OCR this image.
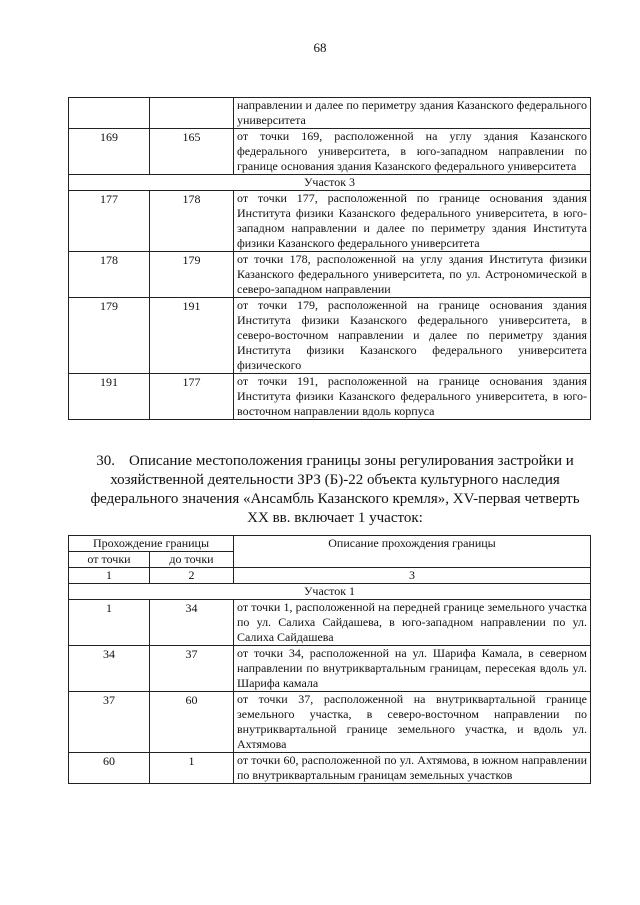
68
		направлении и далее по периметру здания Казанского федерального университета
169	165	от точки 169, расположенной на углу здания Казанского федерального университета, в юго-западном направлении по границе основания здания Казанского федерального университета
Участок 3		
177	178	от точки 177, расположенной по границе основания здания Института физики Казанского федерального университета, в юго-западном направлении и далее по периметру здания Института физики Казанского федерального университета
178	179	от точки 178, расположенной на углу здания Института физики Казанского федерального университета, по ул. Астрономической в северо-западном направлении
179	191	от точки 179, расположенной на границе основания здания Института физики Казанского федерального университета, в северо-восточном направлении и далее по периметру здания Института физики Казанского федерального университета физического
191	177	от точки 191, расположенной на границе основания здания Института физики Казанского федерального университета, в юго-восточном направлении вдоль корпуса
30. Описание местоположения границы зоны регулирования застройки и хозяйственной деятельности ЗРЗ (Б)-22 объекта культурного наследия федерального значения «Ансамбль Казанского кремля», XV-первая четверть XX вв. включает 1 участок:
Прохождение границы		Описание прохождения границы
от точки	до точки	
1	2	3
Участок 1		
1	34	от точки 1, расположенной на передней границе земельного участка по ул. Салиха Сайдашева, в юго-западном направлении по ул. Салиха Сайдашева
34	37	от точки 34, расположенной на ул. Шарифа Камала, в северном направлении по внутриквартальным границам, пересекая вдоль ул. Шарифа камала
37	60	от точки 37, расположенной на внутриквартальной границе земельного участка, в северо-восточном направлении по внутриквартальной границе земельного участка, и вдоль ул. Ахтямова
60	1	от точки 60, расположенной по ул. Ахтямова, в южном направлении по внутриквартальным границам земельных участков
